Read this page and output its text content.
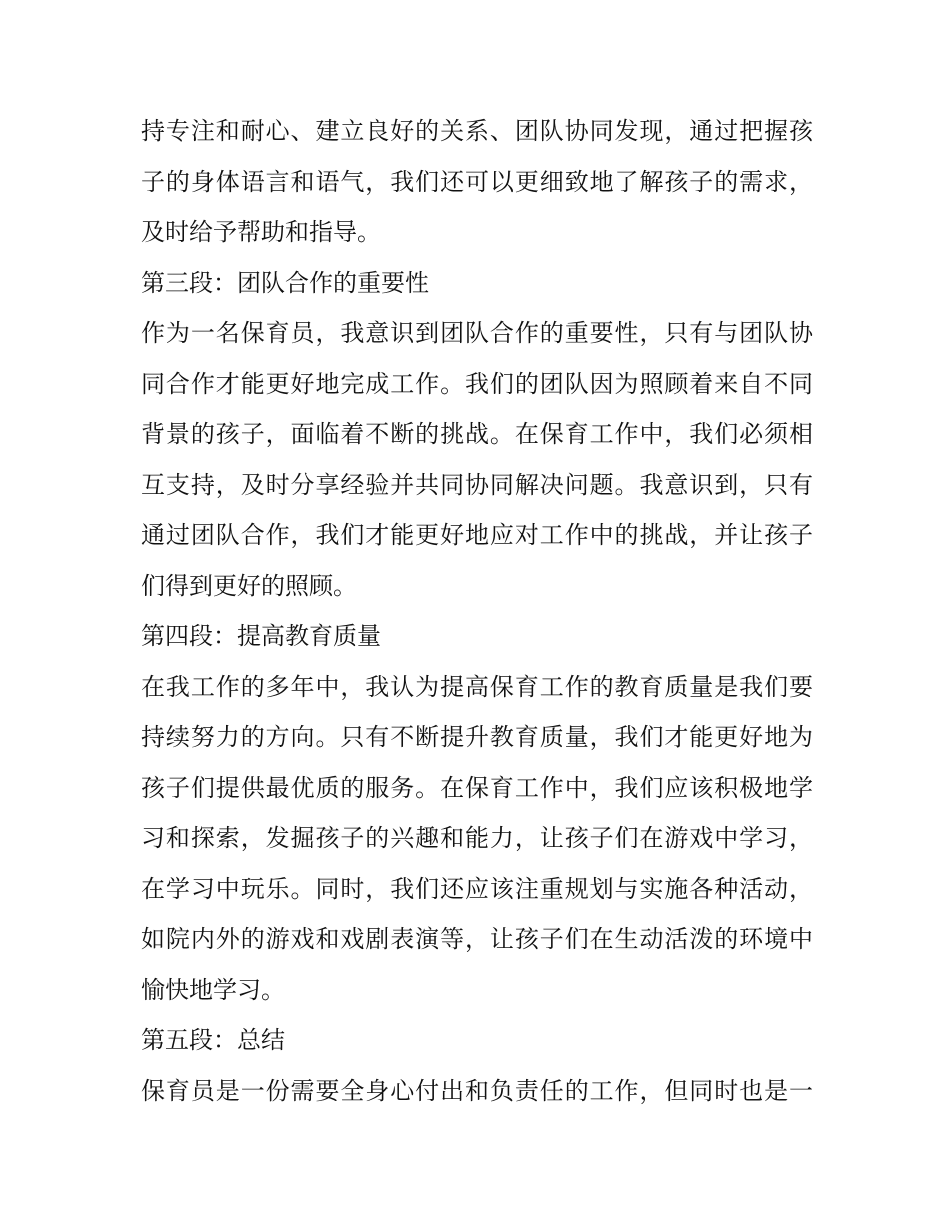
持专注和耐心、建立良好的关系、团队协同发现，通过把握孩
子的身体语言和语气，我们还可以更细致地了解孩子的需求，
及时给予帮助和指导。
第三段：团队合作的重要性
作为一名保育员，我意识到团队合作的重要性，只有与团队协
同合作才能更好地完成工作。我们的团队因为照顾着来自不同
背景的孩子，面临着不断的挑战。在保育工作中，我们必须相
互支持，及时分享经验并共同协同解决问题。我意识到，只有
通过团队合作，我们才能更好地应对工作中的挑战，并让孩子
们得到更好的照顾。
第四段：提高教育质量
在我工作的多年中，我认为提高保育工作的教育质量是我们要
持续努力的方向。只有不断提升教育质量，我们才能更好地为
孩子们提供最优质的服务。在保育工作中，我们应该积极地学
习和探索，发掘孩子的兴趣和能力，让孩子们在游戏中学习，
在学习中玩乐。同时，我们还应该注重规划与实施各种活动，
如院内外的游戏和戏剧表演等，让孩子们在生动活泼的环境中
愉快地学习。
第五段：总结
保育员是一份需要全身心付出和负责任的工作，但同时也是一
